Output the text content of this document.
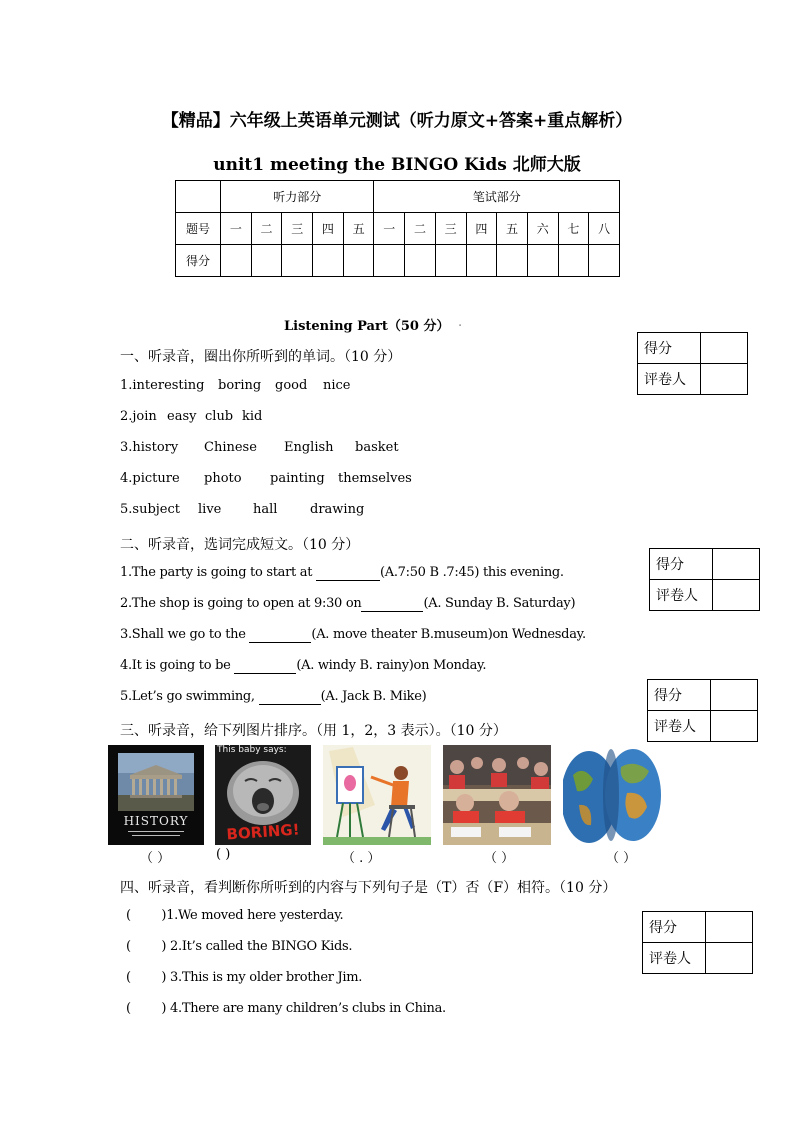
【精品】六年级上英语单元测试（听力原文+答案+重点解析）
unit1 meeting the BINGO Kids 北师大版
	听力部分					笔试部分							
题号	一	二	三	四	五	一	二	三	四	五	六	七	八
得分													
Listening Part（50 分） .
得分	
评卷人	
一、听录音，圈出你所听到的单词。（10 分）
1.interesting boring good nice
2.join easy club kid
3.history Chinese English basket
4.picture photo painting themselves
5.subject live hall	drawing
二、听录音，选词完成短文。（10 分）
得分	
评卷人	
1.The party is going to start at	(A.7:50 B .7:45) this evening.
2.The shop is going to open at 9:30 on	(A. Sunday B. Saturday)
3.Shall we go to the	(A. move theater B.museum)on Wednesday.
4.It is going to be	(A. windy B. rainy)on Monday.
5.Let’s go swimming,	(A. Jack B. Mike)	得分	
评卷人	
三、听录音，给下列图片排序。（用 1，2，3 表示）。（10 分）
HISTORY
This baby says:
BORING!
（ ）	( )	（ . ）	（ ）	（ ）
四、听录音，看判断你所听到的内容与下列句子是（T）否（F）相符。（10 分）
得分	
评卷人	
(        )1.We moved here yesterday.
(        ) 2.It’s called the BINGO Kids.
(        ) 3.This is my older brother Jim.
(        ) 4.There are many children’s clubs in China.
